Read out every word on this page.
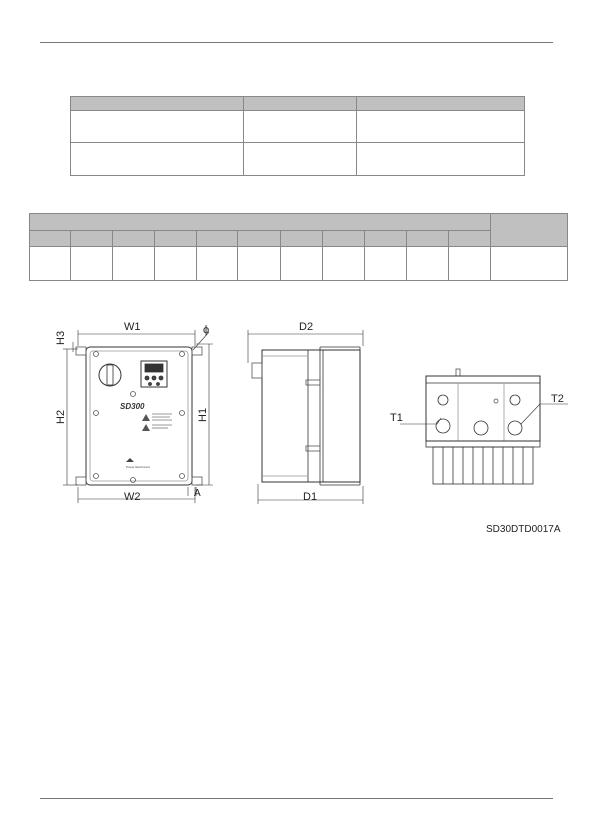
SD300
Power Electronics
W1
W2
H2	H1
H3
A
ϕ	D2
D1
T1
T2
SD30DTD0017A
